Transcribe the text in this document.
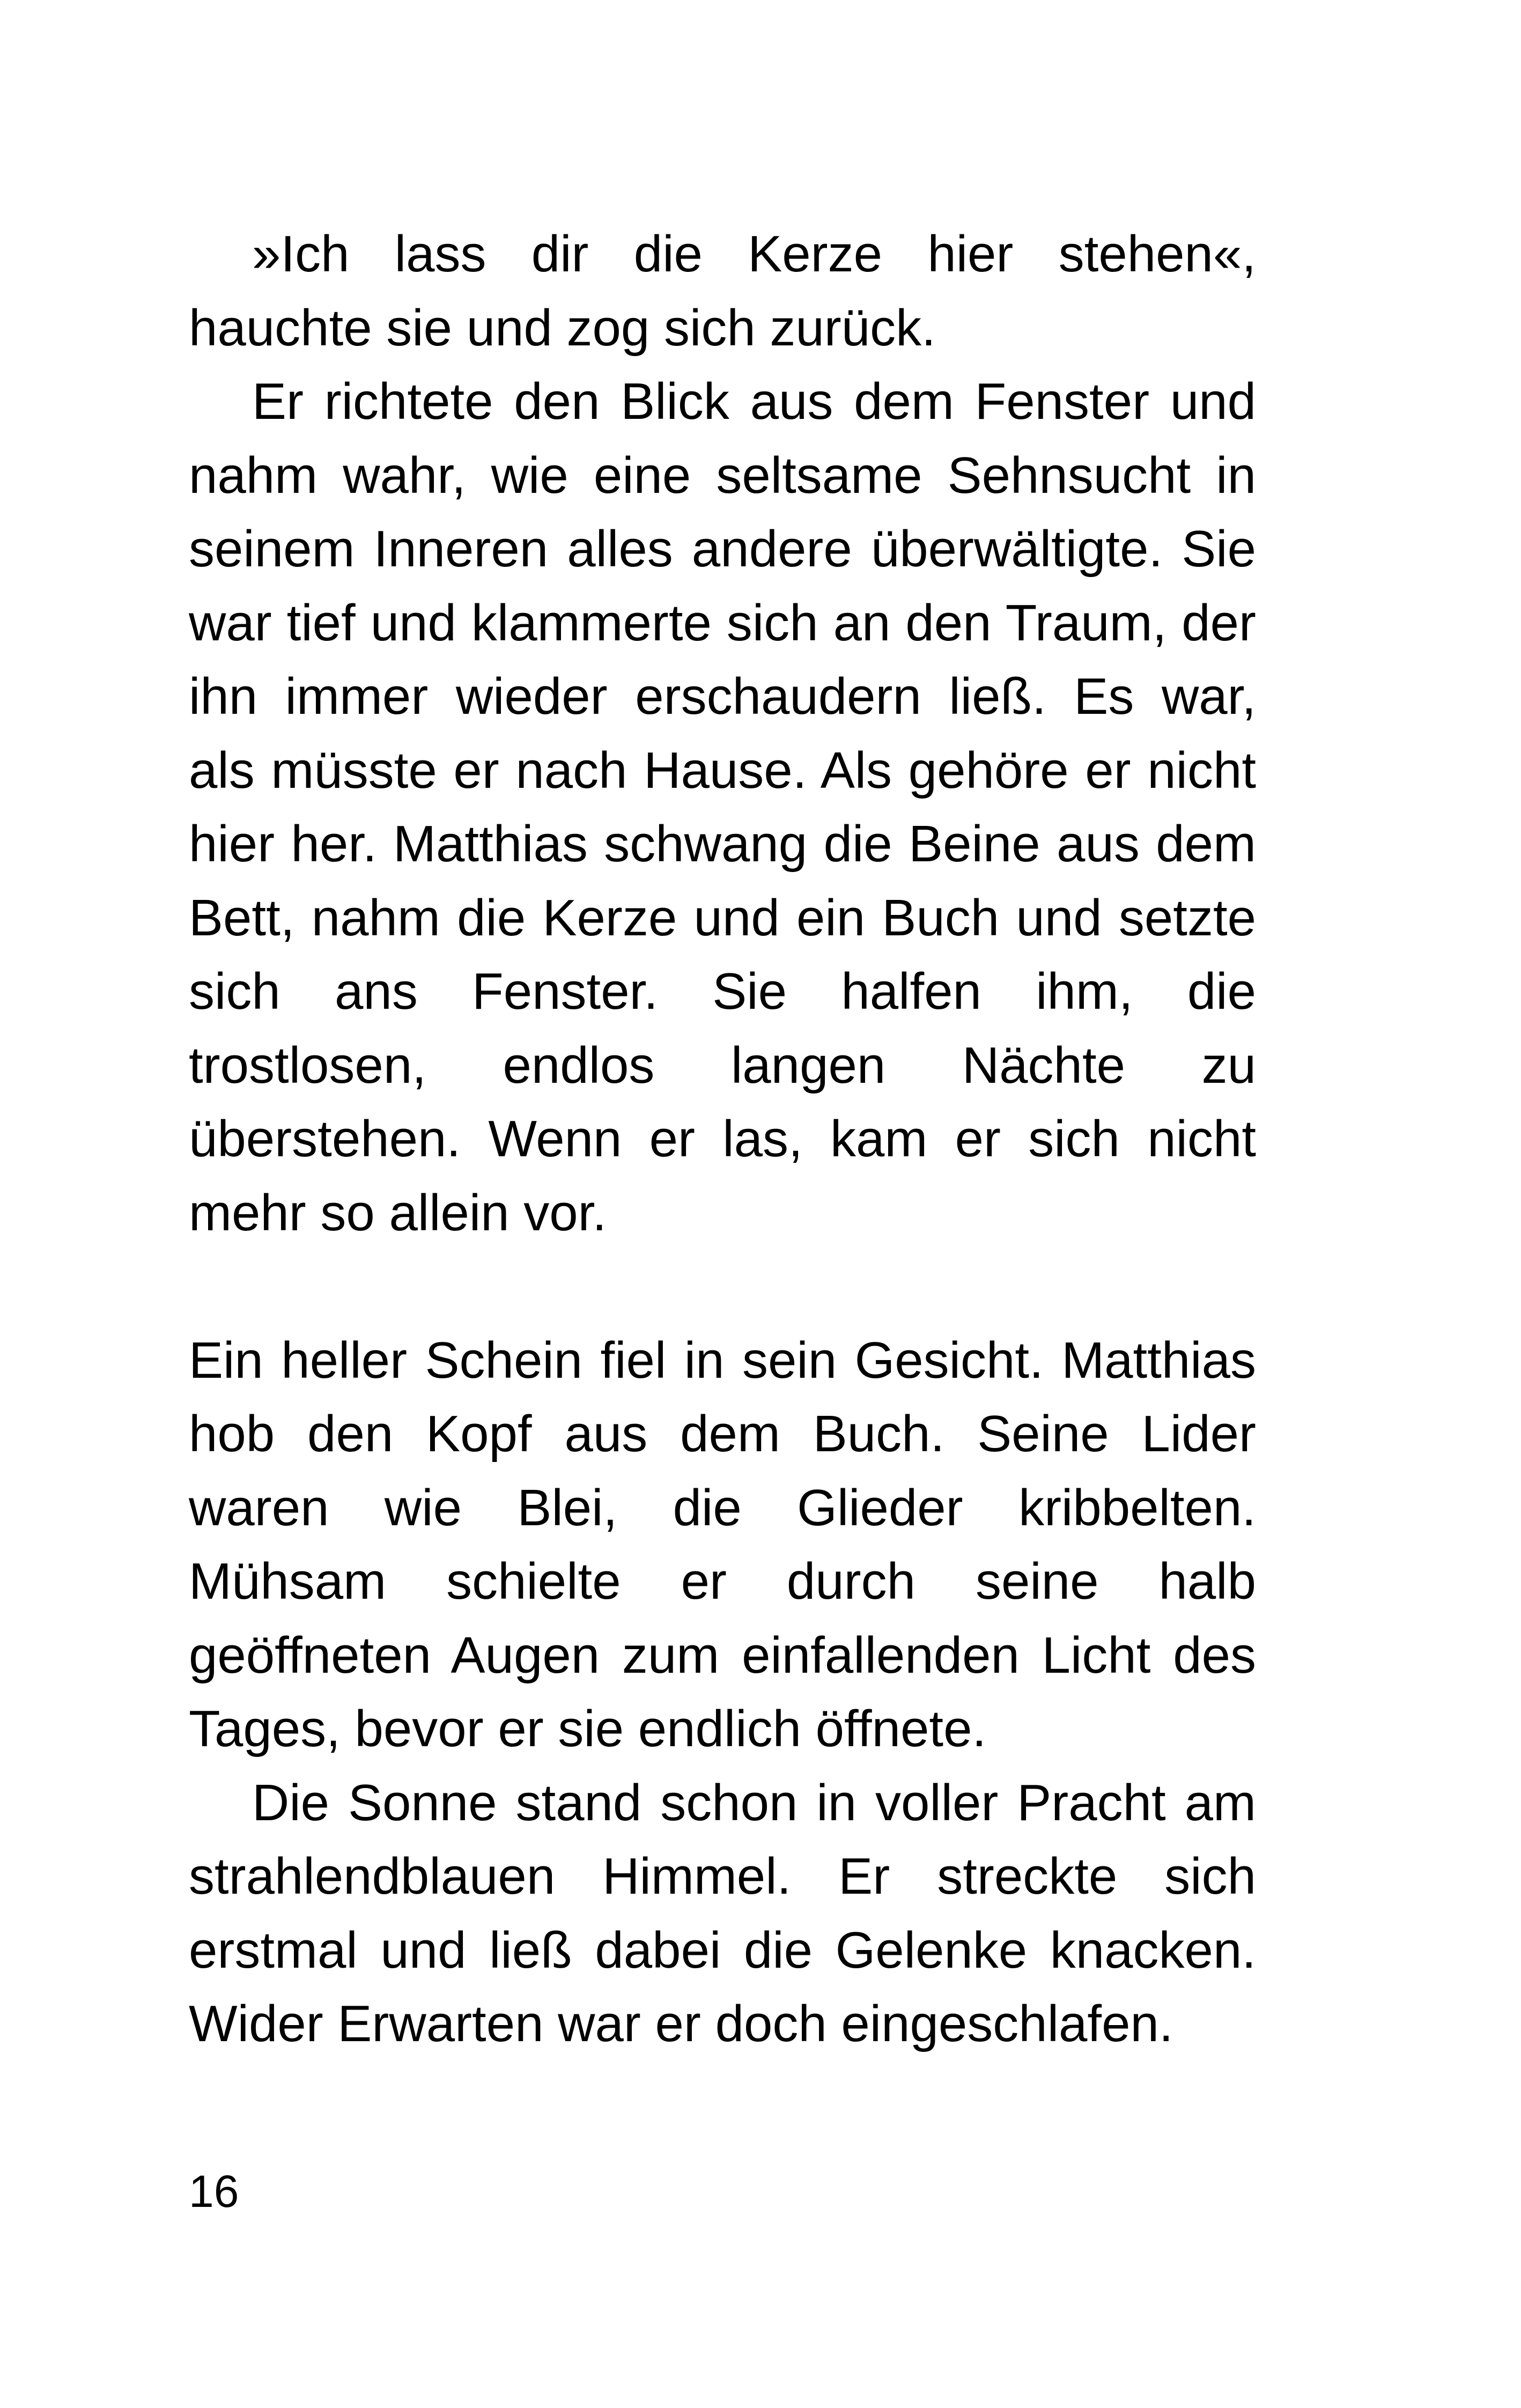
»Ich lass dir die Kerze hier stehen«, hauchte sie und zog sich zurück.

Er richtete den Blick aus dem Fenster und nahm wahr, wie eine seltsame Sehnsucht in seinem Inneren alles andere überwältigte. Sie war tief und klammerte sich an den Traum, der ihn immer wieder erschaudern ließ. Es war, als müsste er nach Hause. Als gehöre er nicht hier her. Matthias schwang die Beine aus dem Bett, nahm die Kerze und ein Buch und setzte sich ans Fenster. Sie halfen ihm, die trostlosen, endlos langen Nächte zu überstehen. Wenn er las, kam er sich nicht mehr so allein vor.

Ein heller Schein fiel in sein Gesicht. Matthias hob den Kopf aus dem Buch. Seine Lider waren wie Blei, die Glieder kribbelten. Mühsam schielte er durch seine halb geöffneten Augen zum einfallenden Licht des Tages, bevor er sie endlich öffnete.

Die Sonne stand schon in voller Pracht am strahlendblauen Himmel. Er streckte sich erstmal und ließ dabei die Gelenke knacken. Wider Erwarten war er doch eingeschlafen.

16
